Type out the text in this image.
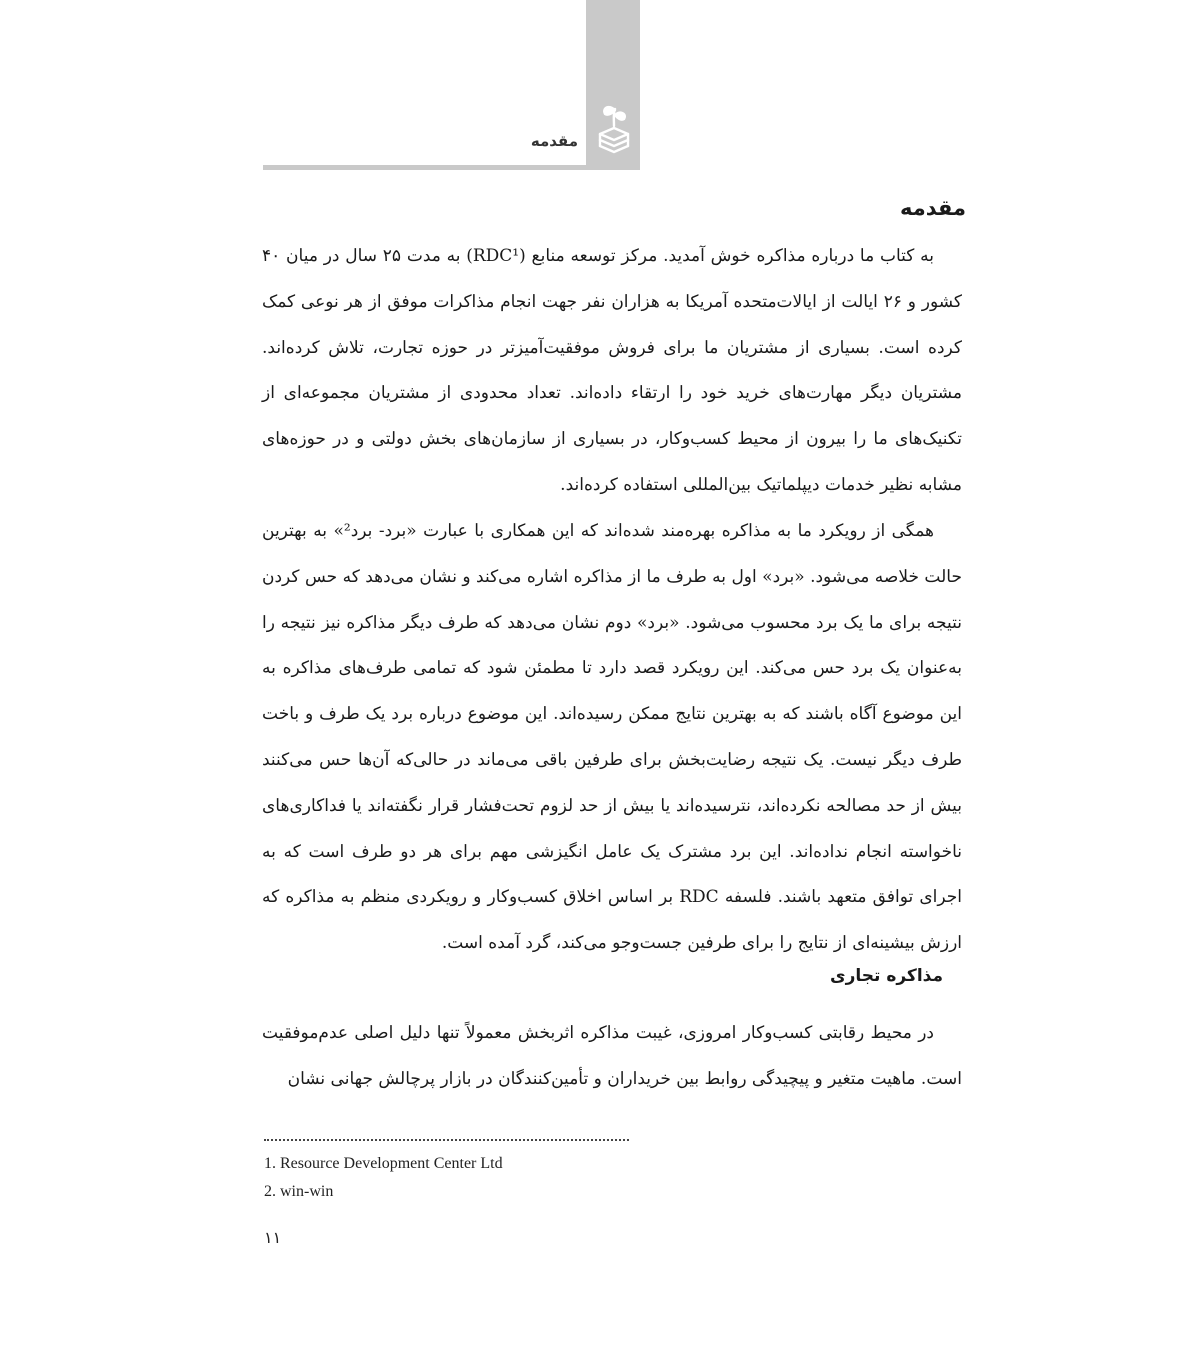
مقدمه
مقدمه

به کتاب ما درباره مذاکره خوش آمدید. مرکز توسعه منابع (RDC¹) به مدت ۲۵ سال در میان ۴۰ کشور و ۲۶ ایالت از ایالات‌متحده آمریکا به هزاران نفر جهت انجام مذاکرات موفق از هر نوعی کمک کرده است. بسیاری از مشتریان ما برای فروش موفقیت‌آمیزتر در حوزه تجارت، تلاش کرده‌اند. مشتریان دیگر مهارت‌های خرید خود را ارتقاء داده‌اند. تعداد محدودی از مشتریان مجموعه‌ای از تکنیک‌های ما را بیرون از محیط کسب‌وکار، در بسیاری از سازمان‌های بخش دولتی و در حوزه‌های مشابه نظیر خدمات دیپلماتیک بین‌المللی استفاده کرده‌اند.

همگی از رویکرد ما به مذاکره بهره‌مند شده‌اند که این همکاری با عبارت «برد- برد²» به بهترین حالت خلاصه می‌شود. «برد» اول به طرف ما از مذاکره اشاره می‌کند و نشان می‌دهد که حس کردن نتیجه برای ما یک برد محسوب می‌شود. «برد» دوم نشان می‌دهد که طرف دیگر مذاکره نیز نتیجه را به‌عنوان یک برد حس می‌کند. این رویکرد قصد دارد تا مطمئن شود که تمامی طرف‌های مذاکره به این موضوع آگاه باشند که به بهترین نتایج ممکن رسیده‌اند. این موضوع درباره برد یک طرف و باخت طرف دیگر نیست. یک نتیجه رضایت‌بخش برای طرفین باقی می‌ماند در حالی‌که آن‌ها حس می‌کنند بیش از حد مصالحه نکرده‌اند، نترسیده‌اند یا بیش از حد لزوم تحت‌فشار قرار نگفته‌اند یا فداکاری‌های ناخواسته انجام نداده‌اند. این برد مشترک یک عامل انگیزشی مهم برای هر دو طرف است که به اجرای توافق متعهد باشند. فلسفه RDC بر اساس اخلاق کسب‌وکار و رویکردی منظم به مذاکره که ارزش بیشینه‌ای از نتایج را برای طرفین جست‌وجو می‌کند، گرد آمده است.

مذاکره تجاری

در محیط رقابتی کسب‌وکار امروزی، غیبت مذاکره اثربخش معمولاً تنها دلیل اصلی عدم‌موفقیت است. ماهیت متغیر و پیچیدگی روابط بین خریداران و تأمین‌کنندگان در بازار پرچالش جهانی نشان

1. Resource Development Center Ltd
2. win-win
۱۱
